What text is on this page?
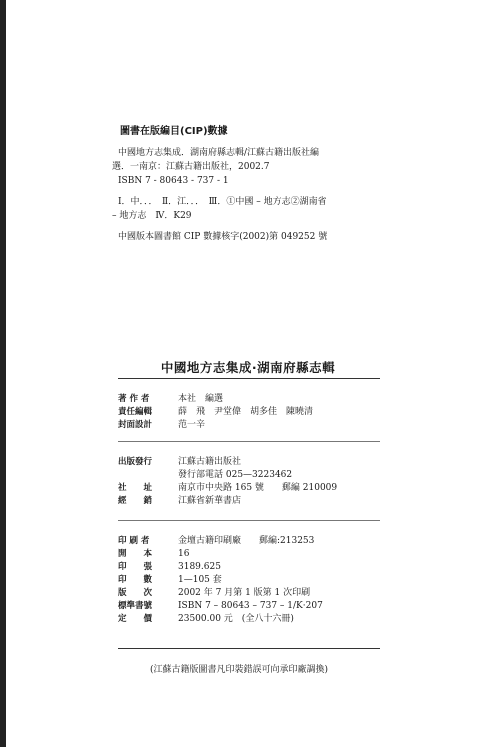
圖書在版編目(CIP)數據
中國地方志集成．湖南府縣志輯/江蘇古籍出版社編
選．一南京：江蘇古籍出版社，2002.7
ISBN 7 - 80643 - 737 - 1
Ⅰ．中．．．　Ⅱ．江．．．　Ⅲ．①中國 – 地方志②湖南省
– 地方志　Ⅳ．K29
中國版本圖書館 CIP 數據核字(2002)第 049252 號
中國地方志集成·湖南府縣志輯
著 作 者	本社　編選
責任編輯	薛　飛　尹堂偉　胡多佳　陳曉清
封面設計	范一辛
出版發行	江蘇古籍出版社
發行部電話 025—3223462
社　　址	南京市中央路 165 號　　郵編 210009
經　　銷	江蘇省新華書店
印 刷 者	金壇古籍印刷廠　　郵編:213253
開　　本	16
印　　張	3189.625
印　　數	1—105 套
版　　次	2002 年 7 月第 1 版第 1 次印刷
標準書號	ISBN 7 – 80643 – 737 – 1/K·207
定　　價	23500.00 元　(全八十六冊)
(江蘇古籍版圖書凡印裝錯誤可向承印廠調換)
